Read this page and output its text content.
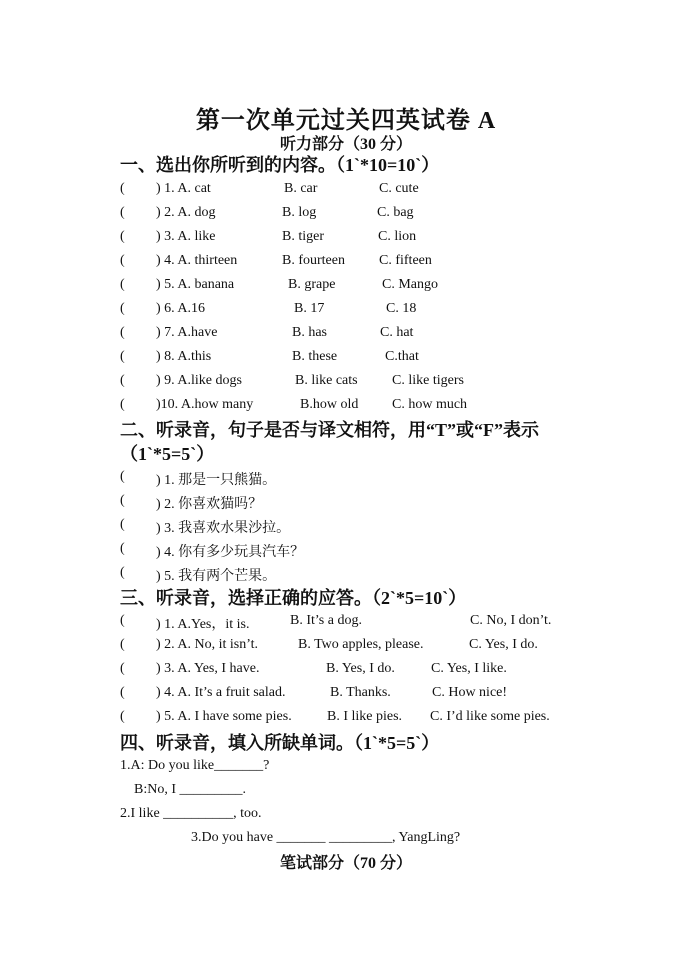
第一次单元过关四英试卷 A
听力部分（30 分）
一、选出你所听到的内容。（1`*10=10`）
( ) 1. A. cat	B. car	C. cute
( ) 2. A. dog	B. log	C. bag
( ) 3. A. like	B. tiger	C. lion
( ) 4. A. thirteen	B. fourteen C. fifteen
( ) 5. A. banana	B. grape	C. Mango
( ) 6. A.16	B. 17	C. 18
( ) 7. A.have	B. has	C. hat
( ) 8. A.this	B. these	C.that
( ) 9. A.like dogs	B. like cats C. like tigers
( )10. A.how many	B.how old C. how much
二、听录音，句子是否与译文相符，用“T”或“F”表示（1`*5=5`）
( ) 1. 那是一只熊猫。
( ) 2. 你喜欢猫吗？
( ) 3. 我喜欢水果沙拉。
( ) 4. 你有多少玩具汽车？
( ) 5. 我有两个芒果。
三、听录音，选择正确的应答。（2`*5=10`）
( ) 1. A.Yes，it is.	B. It’s a dog.	C. No, I don’t.
( ) 2. A. No, it isn’t.	B. Two apples, please.	C. Yes, I do.
( ) 3. A. Yes, I have.	B. Yes, I do.	C. Yes, I like.
( ) 4. A. It’s a fruit salad.	B. Thanks.	C. How nice!
( ) 5. A. I have some pies.	B. I like pies. C. I’d like some pies.
四、听录音，填入所缺单词。（1`*5=5`）
1.A: Do you like_______?
B:No, I _________.
2.I like __________, too.
3.Do you have _______ _________, YangLing?
笔试部分（70 分）
